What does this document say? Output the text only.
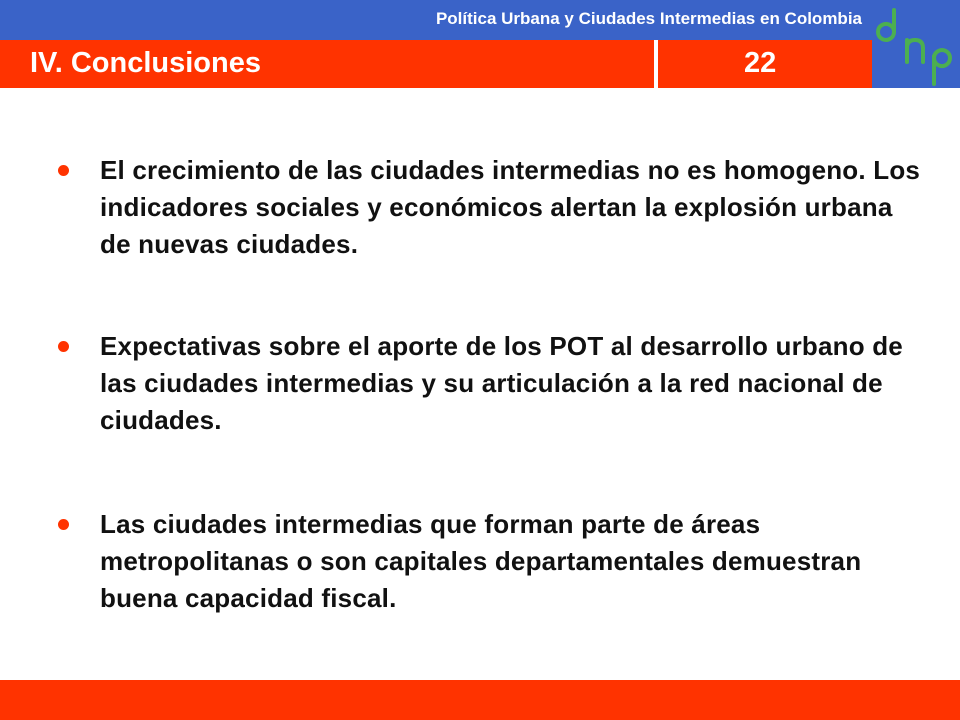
Política Urbana y Ciudades Intermedias en Colombia
IV. Conclusiones	22
El crecimiento de las ciudades intermedias no es homogeno. Los indicadores sociales y económicos alertan la explosión urbana de nuevas ciudades.
Expectativas sobre el aporte de los POT al desarrollo urbano de las ciudades intermedias y su articulación a la red nacional de ciudades.
Las ciudades intermedias que forman parte de áreas metropolitanas o son capitales departamentales demuestran buena capacidad fiscal.
